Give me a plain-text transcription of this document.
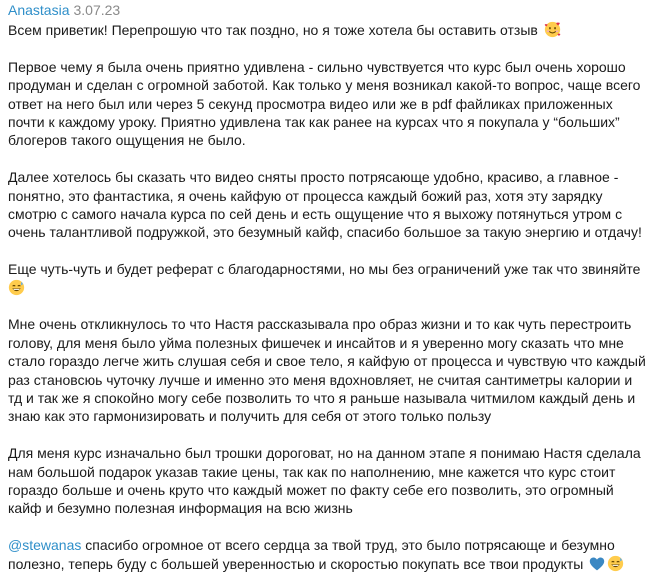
Anastasia 3.07.23

Всем приветик! Перепрошую что так поздно, но я тоже хотела бы оставить отзыв

Первое чему я была очень приятно удивлена - сильно чувствуется что курс был очень хорошо продуман и сделан с огромной заботой. Как только у меня возникал какой-то вопрос, чаще всего ответ на него был или через 5 секунд просмотра видео или же в pdf файликах приложенных почти к каждому уроку. Приятно удивлена так как ранее на курсах что я покупала у “больших” блогеров такого ощущения не было.

Далее хотелось бы сказать что видео сняты просто потрясающе удобно, красиво, а главное - понятно, это фантастика, я очень кайфую от процесса каждый божий раз, хотя эту зарядку смотрю с самого начала курса по сей день и есть ощущение что я выхожу потянуться утром с очень талантливой подружкой, это безумный кайф, спасибо большое за такую энергию и отдачу!

Еще чуть-чуть и будет реферат с благодарностями, но мы без ограничений уже так что звиняйте

Мне очень откликнулось то что Настя рассказывала про образ жизни и то как чуть перестроить голову, для меня было уйма полезных фишечек и инсайтов и я уверенно могу сказать что мне стало гораздо легче жить слушая себя и свое тело, я кайфую от процесса и чувствую что каждый раз становсюь чуточку лучше и именно это меня вдохновляет, не считая сантиметры калории и тд и так же я спокойно могу себе позволить то что я раньше называла читмилом каждый день и знаю как это гармонизировать и получить для себя от этого только пользу

Для меня курс изначально был трошки дороговат, но на данном этапе я понимаю Настя сделала нам большой подарок указав такие цены, так как по наполнению, мне кажется что курс стоит гораздо больше и очень круто что каждый может по факту себе его позволить, это огромный кайф и безумно полезная информация на всю жизнь

@stewanas спасибо огромное от всего сердца за твой труд, это было потрясающе и безумно полезно, теперь буду с большей уверенностью и скоростью покупать все твои продукты
